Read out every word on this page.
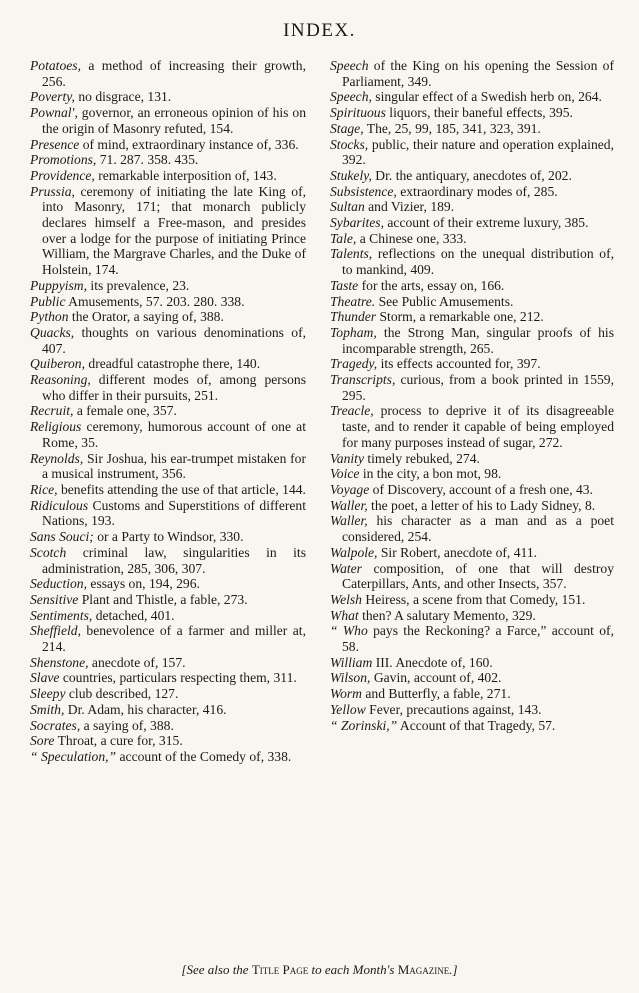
INDEX.

Potatoes, a method of increasing their growth, 256.

Poverty, no disgrace, 131.

Pownal', governor, an erroneous opinion of his on the origin of Masonry refuted, 154.

Presence of mind, extraordinary instance of, 336.

Promotions, 71. 287. 358. 435.

Providence, remarkable interposition of, 143.

Prussia, ceremony of initiating the late King of, into Masonry, 171; that monarch publicly declares himself a Free-mason, and presides over a lodge for the purpose of initiating Prince William, the Margrave Charles, and the Duke of Holstein, 174.

Puppyism, its prevalence, 23.

Public Amusements, 57. 203. 280. 338.

Python the Orator, a saying of, 388.

Quacks, thoughts on various denominations of, 407.

Quiberon, dreadful catastrophe there, 140.

Reasoning, different modes of, among persons who differ in their pursuits, 251.

Recruit, a female one, 357.

Religious ceremony, humorous account of one at Rome, 35.

Reynolds, Sir Joshua, his ear-trumpet mistaken for a musical instrument, 356.

Rice, benefits attending the use of that article, 144.

Ridiculous Customs and Superstitions of different Nations, 193.

Sans Souci; or a Party to Windsor, 330.

Scotch criminal law, singularities in its administration, 285, 306, 307.

Seduction, essays on, 194, 296.

Sensitive Plant and Thistle, a fable, 273.

Sentiments, detached, 401.

Sheffield, benevolence of a farmer and miller at, 214.

Shenstone, anecdote of, 157.

Slave countries, particulars respecting them, 311.

Sleepy club described, 127.

Smith, Dr. Adam, his character, 416.

Socrates, a saying of, 388.

Sore Throat, a cure for, 315.

“ Speculation,” account of the Comedy of, 338.

Speech of the King on his opening the Session of Parliament, 349.

Speech, singular effect of a Swedish herb on, 264.

Spirituous liquors, their baneful effects, 395.

Stage, The, 25, 99, 185, 341, 323, 391.

Stocks, public, their nature and operation explained, 392.

Stukely, Dr. the antiquary, anecdotes of, 202.

Subsistence, extraordinary modes of, 285.

Sultan and Vizier, 189.

Sybarites, account of their extreme luxury, 385.

Tale, a Chinese one, 333.

Talents, reflections on the unequal distribution of, to mankind, 409.

Taste for the arts, essay on, 166.

Theatre. See Public Amusements.

Thunder Storm, a remarkable one, 212.

Topham, the Strong Man, singular proofs of his incomparable strength, 265.

Tragedy, its effects accounted for, 397.

Transcripts, curious, from a book printed in 1559, 295.

Treacle, process to deprive it of its disagreeable taste, and to render it capable of being employed for many purposes instead of sugar, 272.

Vanity timely rebuked, 274.

Voice in the city, a bon mot, 98.

Voyage of Discovery, account of a fresh one, 43.

Waller, the poet, a letter of his to Lady Sidney, 8.

Waller, his character as a man and as a poet considered, 254.

Walpole, Sir Robert, anecdote of, 411.

Water composition, of one that will destroy Caterpillars, Ants, and other Insects, 357.

Welsh Heiress, a scene from that Comedy, 151.

What then? A salutary Memento, 329.

“ Who pays the Reckoning? a Farce,” account of, 58.

William III. Anecdote of, 160.

Wilson, Gavin, account of, 402.

Worm and Butterfly, a fable, 271.

Yellow Fever, precautions against, 143.

“ Zorinski,” Account of that Tragedy, 57.

[See also the Title Page to each Month's Magazine.]
